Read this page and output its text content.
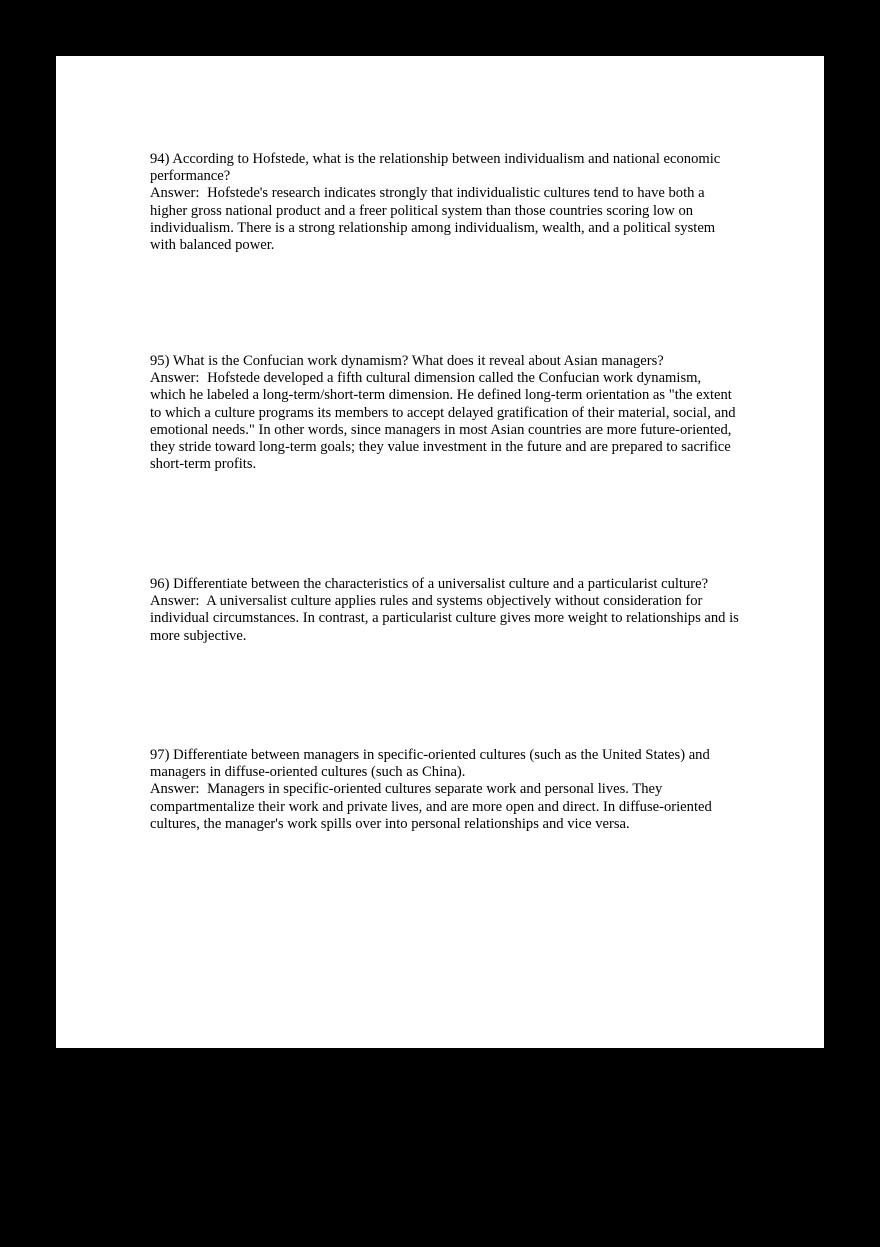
94) According to Hofstede, what is the relationship between individualism and national economic performance?

Answer: Hofstede's research indicates strongly that individualistic cultures tend to have both a higher gross national product and a freer political system than those countries scoring low on individualism. There is a strong relationship among individualism, wealth, and a political system with balanced power.

95) What is the Confucian work dynamism? What does it reveal about Asian managers?

Answer: Hofstede developed a fifth cultural dimension called the Confucian work dynamism, which he labeled a long-term/short-term dimension. He defined long-term orientation as "the extent to which a culture programs its members to accept delayed gratification of their material, social, and emotional needs." In other words, since managers in most Asian countries are more future-oriented, they stride toward long-term goals; they value investment in the future and are prepared to sacrifice short-term profits.

96) Differentiate between the characteristics of a universalist culture and a particularist culture?

Answer: A universalist culture applies rules and systems objectively without consideration for individual circumstances. In contrast, a particularist culture gives more weight to relationships and is more subjective.

97) Differentiate between managers in specific-oriented cultures (such as the United States) and managers in diffuse-oriented cultures (such as China).

Answer: Managers in specific-oriented cultures separate work and personal lives. They compartmentalize their work and private lives, and are more open and direct. In diffuse-oriented cultures, the manager's work spills over into personal relationships and vice versa.
